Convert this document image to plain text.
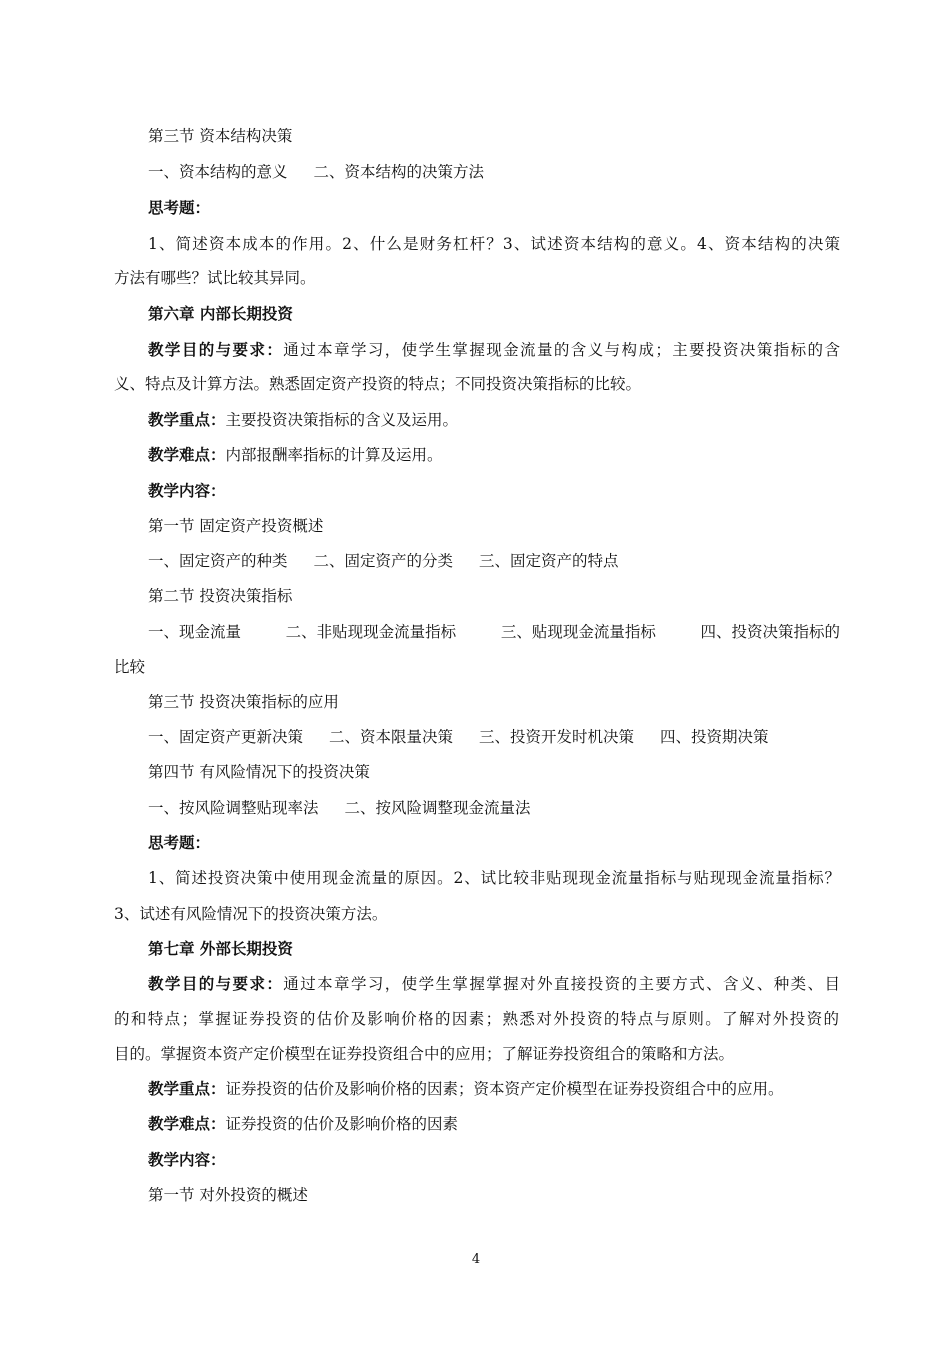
第三节 资本结构决策
一、资本结构的意义 二、资本结构的决策方法
思考题：
1、简述资本成本的作用。2、什么是财务杠杆？3、试述资本结构的意义。4、资本结构的决策
方法有哪些？试比较其异同。
第六章 内部长期投资
教学目的与要求：通过本章学习，使学生掌握现金流量的含义与构成；主要投资决策指标的含
义、特点及计算方法。熟悉固定资产投资的特点；不同投资决策指标的比较。
教学重点：主要投资决策指标的含义及运用。
教学难点：内部报酬率指标的计算及运用。
教学内容：
第一节 固定资产投资概述
一、固定资产的种类 二、固定资产的分类 三、固定资产的特点
第二节 投资决策指标
一、现金流量	二、非贴现现金流量指标	三、贴现现金流量指标	四、投资决策指标的
比较
第三节 投资决策指标的应用
一、固定资产更新决策 二、资本限量决策 三、投资开发时机决策 四、投资期决策
第四节 有风险情况下的投资决策
一、按风险调整贴现率法 二、按风险调整现金流量法
思考题：
1、简述投资决策中使用现金流量的原因。2、试比较非贴现现金流量指标与贴现现金流量指标？
3、试述有风险情况下的投资决策方法。
第七章 外部长期投资
教学目的与要求：通过本章学习，使学生掌握掌握对外直接投资的主要方式、含义、种类、目
的和特点；掌握证券投资的估价及影响价格的因素；熟悉对外投资的特点与原则。了解对外投资的
目的。掌握资本资产定价模型在证券投资组合中的应用；了解证券投资组合的策略和方法。
教学重点：证券投资的估价及影响价格的因素；资本资产定价模型在证券投资组合中的应用。
教学难点：证券投资的估价及影响价格的因素
教学内容：
第一节 对外投资的概述
4
